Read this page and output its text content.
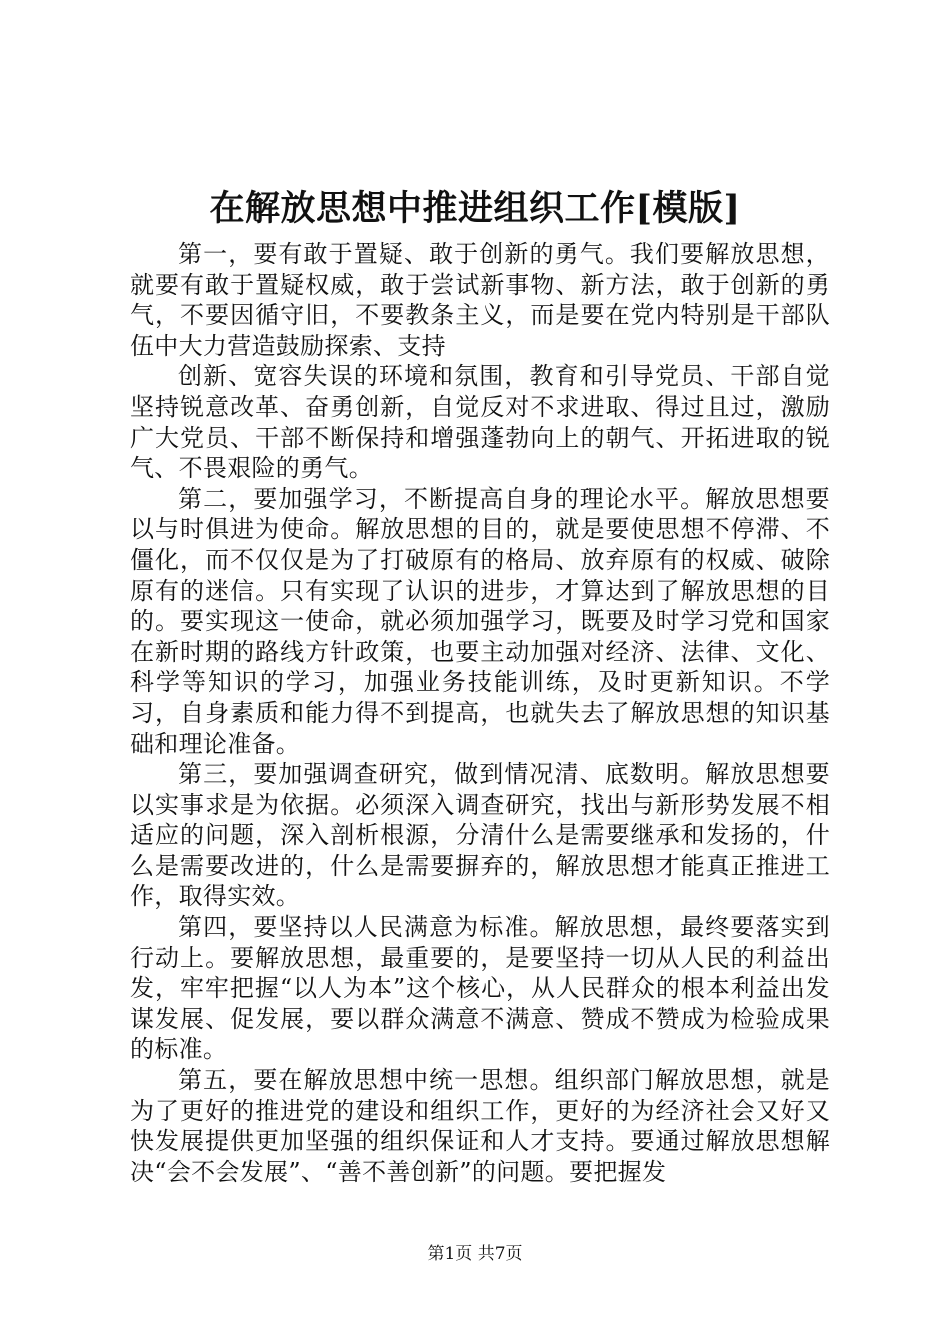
在解放思想中推进组织工作[模版]

第一，要有敢于置疑、敢于创新的勇气。我们要解放思想，就要有敢于置疑权威，敢于尝试新事物、新方法，敢于创新的勇气，不要因循守旧，不要教条主义，而是要在党内特别是干部队伍中大力营造鼓励探索、支持

创新、宽容失误的环境和氛围，教育和引导党员、干部自觉坚持锐意改革、奋勇创新，自觉反对不求进取、得过且过，激励广大党员、干部不断保持和增强蓬勃向上的朝气、开拓进取的锐气、不畏艰险的勇气。

第二，要加强学习，不断提高自身的理论水平。解放思想要以与时俱进为使命。解放思想的目的，就是要使思想不停滞、不僵化，而不仅仅是为了打破原有的格局、放弃原有的权威、破除原有的迷信。只有实现了认识的进步，才算达到了解放思想的目的。要实现这一使命，就必须加强学习，既要及时学习党和国家在新时期的路线方针政策，也要主动加强对经济、法律、文化、科学等知识的学习，加强业务技能训练，及时更新知识。不学习，自身素质和能力得不到提高，也就失去了解放思想的知识基础和理论准备。

第三，要加强调查研究，做到情况清、底数明。解放思想要以实事求是为依据。必须深入调查研究，找出与新形势发展不相适应的问题，深入剖析根源，分清什么是需要继承和发扬的，什么是需要改进的，什么是需要摒弃的，解放思想才能真正推进工作，取得实效。

第四，要坚持以人民满意为标准。解放思想，最终要落实到行动上。要解放思想，最重要的，是要坚持一切从人民的利益出发，牢牢把握“以人为本”这个核心，从人民群众的根本利益出发谋发展、促发展，要以群众满意不满意、赞成不赞成为检验成果的标准。

第五，要在解放思想中统一思想。组织部门解放思想，就是为了更好的推进党的建设和组织工作，更好的为经济社会又好又快发展提供更加坚强的组织保证和人才支持。要通过解放思想解决“会不会发展”、“善不善创新”的问题。要把握发

第1页 共7页
